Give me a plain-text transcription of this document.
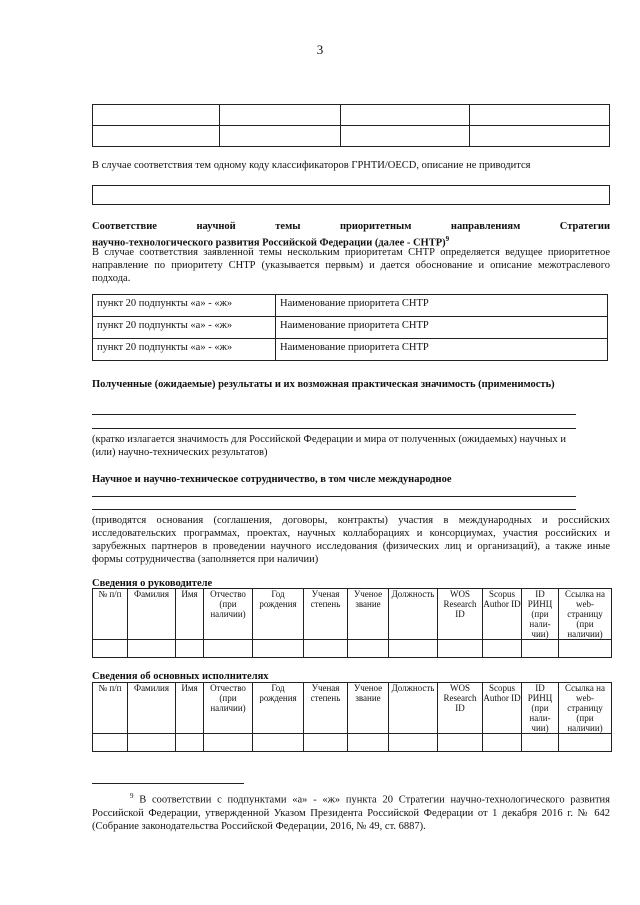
3

В случае соответствия тем одному коду классификаторов ГРНТИ/OECD, описание не приводится
Соответствие научной темы приоритетным направлениям Стратегии
научно-технологического развития Российской Федерации (далее - СНТР)$^9$
В случае соответствия заявленной темы нескольким приоритетам СНТР определяется ведущее приоритетное направление по приоритету СНТР (указывается первым) и дается обоснование и описание межотраслевого подхода.
пункт 20 подпункты «а» - «ж»	Наименование приоритета СНТР
пункт 20 подпункты «а» - «ж»	Наименование приоритета СНТР
пункт 20 подпункты «а» - «ж»	Наименование приоритета СНТР
Полученные (ожидаемые) результаты и их возможная практическая значимость (применимость)
(кратко излагается значимость для Российской Федерации и мира от полученных (ожидаемых) научных и (или) научно-технических результатов)
Научное и научно-техническое сотрудничество, в том числе международное
(приводятся основания (соглашения, договоры, контракты) участия в международных и российских исследовательских программах, проектах, научных коллаборациях и консорциумах, участия российских и зарубежных партнеров в проведении научного исследования (физических лиц и организаций), а также иные формы сотрудничества (заполняется при наличии)
Сведения о руководителе
№ п/п	Фамилия	Имя	Отчество (при наличии)	Год рождения	Ученая степень	Ученое звание	Должность	WOS Research ID	Scopus Author ID	ID РИНЦ (при нали-чии)	Ссылка на web-страницу (при наличии)

Сведения об основных исполнителях
№ п/п	Фамилия	Имя	Отчество (при наличии)	Год рождения	Ученая степень	Ученое звание	Должность	WOS Research ID	Scopus Author ID	ID РИНЦ (при нали-чии)	Ссылка на web-страницу (при наличии)

$^9$ В соответствии с подпунктами «а» - «ж» пункта 20 Стратегии научно-технологического развития Российской Федерации, утвержденной Указом Президента Российской Федерации от 1 декабря 2016 г. № 642 (Собрание законодательства Российской Федерации, 2016, № 49, ст. 6887).
